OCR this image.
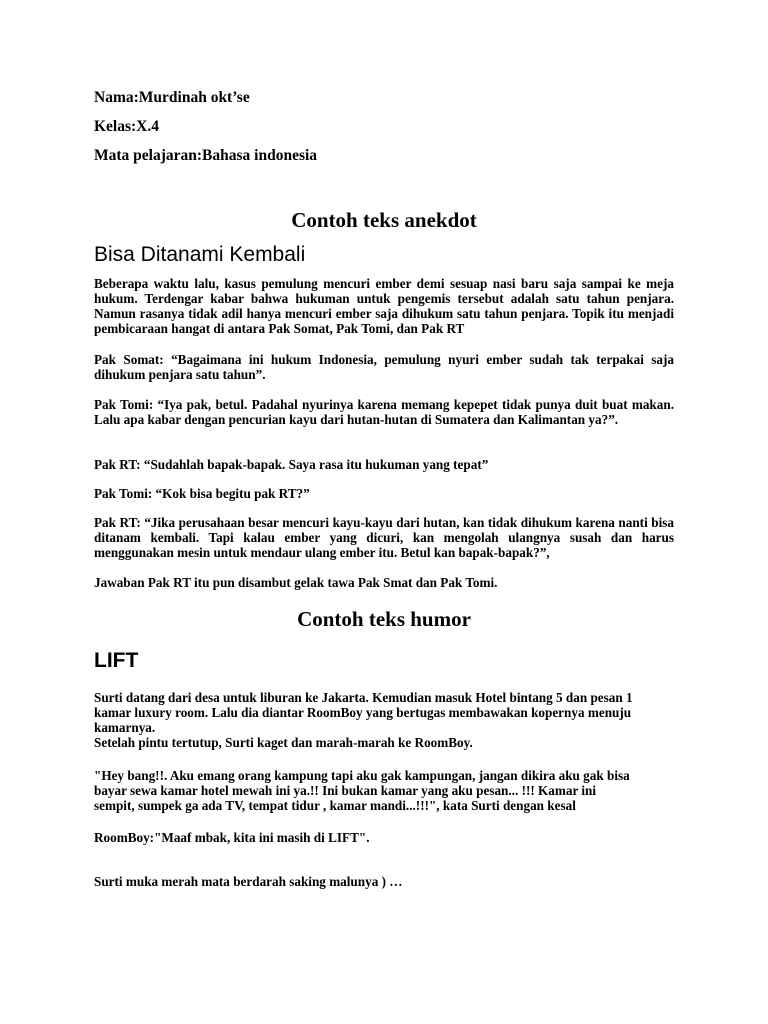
Nama:Murdinah okt’se
Kelas:X.4
Mata pelajaran:Bahasa indonesia
Contoh teks anekdot
Bisa Ditanami Kembali
Beberapa waktu lalu, kasus pemulung mencuri ember demi sesuap nasi baru saja sampai ke meja hukum. Terdengar kabar bahwa hukuman untuk pengemis tersebut adalah satu tahun penjara. Namun rasanya tidak adil hanya mencuri ember saja dihukum satu tahun penjara. Topik itu menjadi pembicaraan hangat di antara Pak Somat, Pak Tomi, dan Pak RT
Pak Somat: “Bagaimana ini hukum Indonesia, pemulung nyuri ember sudah tak terpakai saja dihukum penjara satu tahun”.
Pak Tomi: “Iya pak, betul. Padahal nyurinya karena memang kepepet tidak punya duit buat makan. Lalu apa kabar dengan pencurian kayu dari hutan-hutan di Sumatera dan Kalimantan ya?”.
Pak RT: “Sudahlah bapak-bapak. Saya rasa itu hukuman yang tepat”
Pak Tomi: “Kok bisa begitu pak RT?”
Pak RT: “Jika perusahaan besar mencuri kayu-kayu dari hutan, kan tidak dihukum karena nanti bisa ditanam kembali. Tapi kalau ember yang dicuri, kan mengolah ulangnya susah dan harus menggunakan mesin untuk mendaur ulang ember itu. Betul kan bapak-bapak?”,
Jawaban Pak RT itu pun disambut gelak tawa Pak Smat dan Pak Tomi.
Contoh teks humor
LIFT
Surti datang dari desa untuk liburan ke Jakarta. Kemudian masuk Hotel bintang 5 dan pesan 1
kamar luxury room. Lalu dia diantar RoomBoy yang bertugas membawakan kopernya menuju
kamarnya.
Setelah pintu tertutup, Surti kaget dan marah-marah ke RoomBoy.
"Hey bang!!. Aku emang orang kampung tapi aku gak kampungan, jangan dikira aku gak bisa
bayar sewa kamar hotel mewah ini ya.!! Ini bukan kamar yang aku pesan... !!! Kamar ini
sempit, sumpek ga ada TV, tempat tidur , kamar mandi...!!!", kata Surti dengan kesal
RoomBoy:"Maaf mbak, kita ini masih di LIFT".
Surti muka merah mata berdarah saking malunya ) …
